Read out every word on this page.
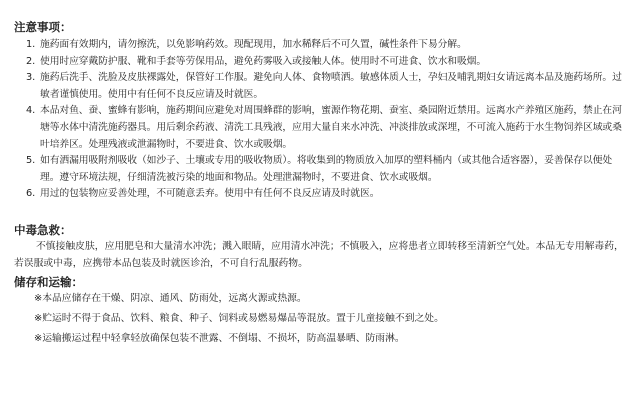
注意事项：
1. 施药面有效期内，请勿擦洗，以免影响药效。现配现用，加水稀释后不可久置，碱性条件下易分解。
2. 使用时应穿戴防护服、靴和手套等劳保用品，避免药雾吸入或接触人体。使用时不可进食、饮水和吸烟。
3. 施药后洗手、洗脸及皮肤裸露处，保管好工作服。避免向人体、食物喷洒。敏感体质人士，孕妇及哺乳期妇女请远离本品及施药场所。过敏者谨慎使用。使用中有任何不良反应请及时就医。
4. 本品对鱼、蚕、蜜蜂有影响，施药期间应避免对周围蜂群的影响，蜜源作物花期、蚕室、桑园附近禁用。远离水产养殖区施药，禁止在河塘等水体中清洗施药器具。用后剩余药液、清洗工具残液，应用大量自来水冲洗、冲淡排放或深埋，不可流入施药于水生物饲养区域或桑叶培养区。处理残液或泄漏物时，不要进食、饮水或吸烟。
5. 如有洒漏用吸附剂吸收（如沙子、土壤或专用的吸收物质）。将收集到的物质放入加厚的塑料桶内（或其他合适容器），妥善保存以便处理。遵守环境法规，仔细清洗被污染的地面和物品。处理泄漏物时，不要进食、饮水或吸烟。
6. 用过的包装物应妥善处理，不可随意丢弃。使用中有任何不良反应请及时就医。
中毒急救：

不慎接触皮肤，应用肥皂和大量清水冲洗；溅入眼睛，应用清水冲洗；不慎吸入，应将患者立即转移至清新空气处。本品无专用解毒药，若误服或中毒，应携带本品包装及时就医诊治，不可自行乱服药物。

储存和运输：

※本品应储存在干燥、阴凉、通风、防雨处，远离火源或热源。

※贮运时不得于食品、饮料、粮食、种子、饲料或易燃易爆品等混放。置于儿童接触不到之处。

※运输搬运过程中轻拿轻放确保包装不泄露、不倒塌、不损坏，防高温暴晒、防雨淋。
